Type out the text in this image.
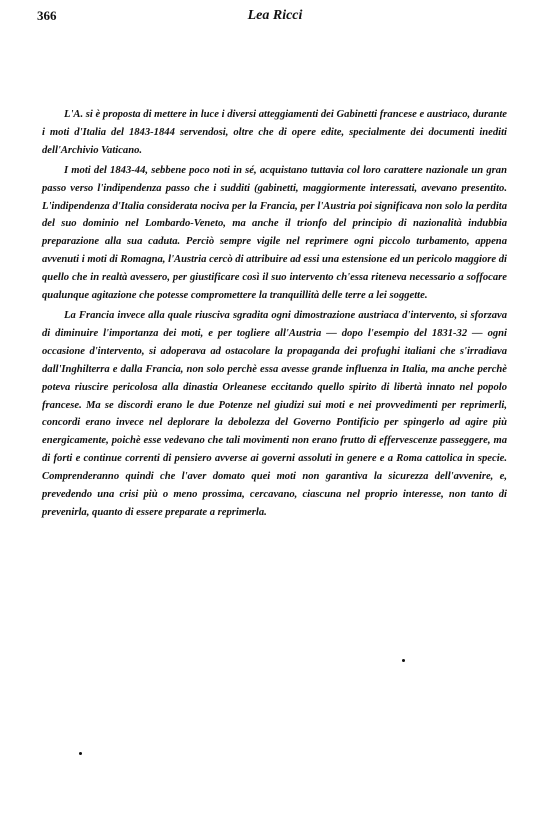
366	Lea Ricci

L'A. si è proposta di mettere in luce i diversi atteggiamenti dei Gabinetti francese e austriaco, durante i moti d'Italia del 1843-1844 servendosi, oltre che di opere edite, specialmente dei documenti inediti dell'Archivio Vaticano.

I moti del 1843-44, sebbene poco noti in sé, acquistano tuttavia col loro carattere nazionale un gran passo verso l'indipendenza passo che i sudditi (gabinetti, maggiormente interessati, avevano presentito. L'indipendenza d'Italia considerata nociva per la Francia, per l'Austria poi significava non solo la perdita del suo dominio nel Lombardo-Veneto, ma anche il trionfo del principio di nazionalità indubbia preparazione alla sua caduta. Perciò sempre vigile nel reprimere ogni piccolo turbamento, appena avvenuti i moti di Romagna, l'Austria cercò di attribuire ad essi una estensione ed un pericolo maggiore di quello che in realtà avessero, per giustificare così il suo intervento ch'essa riteneva necessario a soffocare qualunque agitazione che potesse compromettere la tranquillità delle terre a lei soggette.

La Francia invece alla quale riusciva sgradita ogni dimostrazione austriaca d'intervento, si sforzava di diminuire l'importanza dei moti, e per togliere all'Austria — dopo l'esempio del 1831-32 — ogni occasione d'intervento, si adoperava ad ostacolare la propaganda dei profughi italiani che s'irradiava dall'Inghilterra e dalla Francia, non solo perchè essa avesse grande influenza in Italia, ma anche perchè poteva riuscire pericolosa alla dinastia Orleanese eccitando quello spirito di libertà innato nel popolo francese. Ma se discordi erano le due Potenze nel giudizi sui moti e nei provvedimenti per reprimerli, concordi erano invece nel deplorare la debolezza del Governo Pontificio per spingerlo ad agire più energicamente, poichè esse vedevano che tali movimenti non erano frutto di effervescenze passeggere, ma di forti e continue correnti di pensiero avverse ai governi assoluti in genere e a Roma cattolica in specie. Comprenderanno quindi che l'aver domato quei moti non garantiva la sicurezza dell'avvenire, e, prevedendo una crisi più o meno prossima, cercavano, ciascuna nel proprio interesse, non tanto di prevenirla, quanto di essere preparate a reprimerla.
